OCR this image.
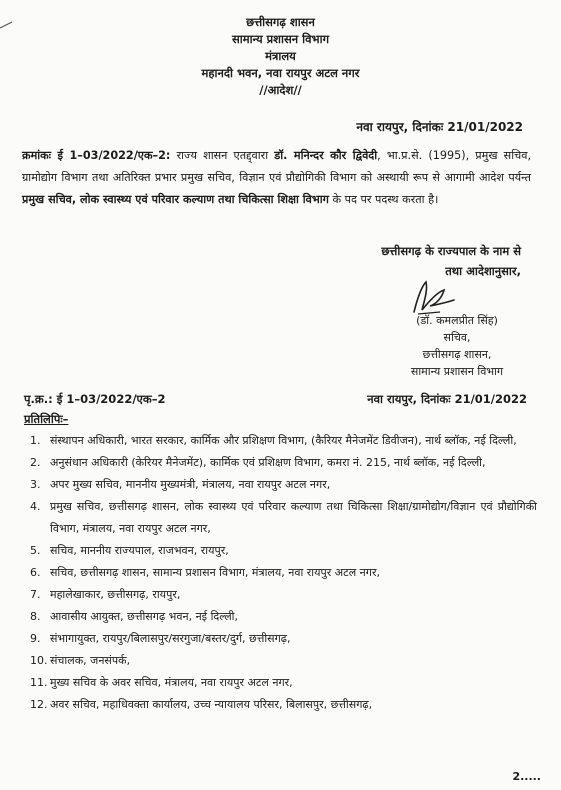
छत्तीसगढ़ शासन
सामान्य प्रशासन विभाग
मंत्रालय
महानदी भवन, नवा रायपुर अटल नगर
//आदेश//
नवा रायपुर, दिनांकः 21/01/2022
क्रमांकः ई 1–03/2022/एक–2: राज्य शासन एतद्द्वारा डॉ. मनिन्दर कौर द्विवेदी, भा.प्र.से. (1995), प्रमुख सचिव, ग्रामोद्योग विभाग तथा अतिरिक्त प्रभार प्रमुख सचिव, विज्ञान एवं प्रौद्योगिकी विभाग को अस्थायी रूप से आगामी आदेश पर्यन्त प्रमुख सचिव, लोक स्वास्थ्य एवं परिवार कल्याण तथा चिकित्सा शिक्षा विभाग के पद पर पदस्थ करता है।
छत्तीसगढ़ के राज्यपाल के नाम से
तथा आदेशानुसार,
(डॉ. कमलप्रीत सिंह)
सचिव,
छत्तीसगढ़ शासन,
सामान्य प्रशासन विभाग
पृ.क्र.: ई 1–03/2022/एक–2	नवा रायपुर, दिनांकः 21/01/2022
प्रतिलिपिः–
1. संस्थापन अधिकारी, भारत सरकार, कार्मिक और प्रशिक्षण विभाग, (कैरियर मैनेजमेंट डिवीजन), नार्थ ब्लॉक, नई दिल्ली,
2. अनुसंधान अधिकारी (केरियर मैनेजमेंट), कार्मिक एवं प्रशिक्षण विभाग, कमरा नं. 215, नार्थ ब्लॉक, नई दिल्ली,
3. अपर मुख्य सचिव, माननीय मुख्यमंत्री, मंत्रालय, नवा रायपुर अटल नगर,
4. प्रमुख सचिव, छत्तीसगढ़ शासन, लोक स्वास्थ्य एवं परिवार कल्याण तथा चिकित्सा शिक्षा/ग्रामोद्योग/विज्ञान एवं प्रौद्योगिकी विभाग, मंत्रालय, नवा रायपुर अटल नगर,
5. सचिव, माननीय राज्यपाल, राजभवन, रायपुर,
6. सचिव, छत्तीसगढ़ शासन, सामान्य प्रशासन विभाग, मंत्रालय, नवा रायपुर अटल नगर,
7. महालेखाकार, छत्तीसगढ़, रायपुर,
8. आवासीय आयुक्त, छत्तीसगढ़ भवन, नई दिल्ली,
9. संभागायुक्त, रायपुर/बिलासपुर/सरगुजा/बस्तर/दुर्ग, छत्तीसगढ़,
10. संचालक, जनसंपर्क,
11. मुख्य सचिव के अवर सचिव, मंत्रालय, नवा रायपुर अटल नगर,
12. अवर सचिव, महाधिवक्ता कार्यालय, उच्च न्यायालय परिसर, बिलासपुर, छत्तीसगढ़,
2.....
